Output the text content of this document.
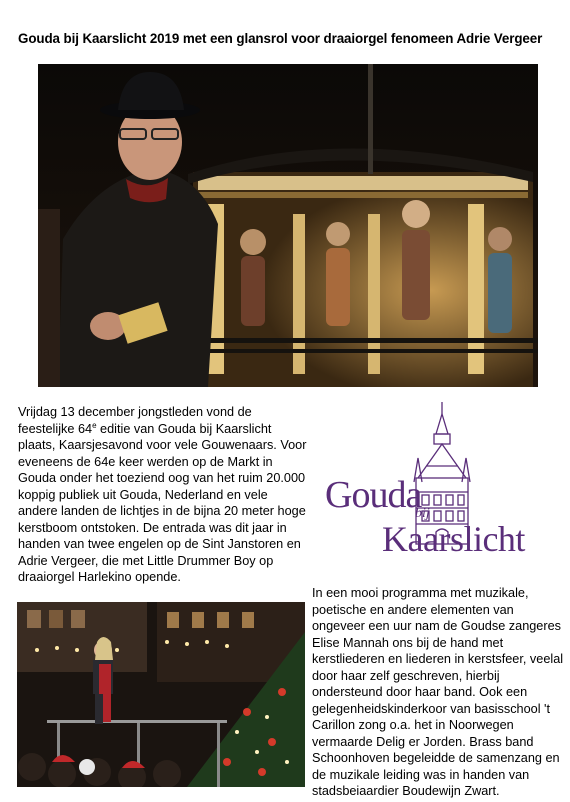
Gouda bij Kaarslicht 2019 met een glansrol voor draaiorgel fenomeen Adrie Vergeer
Vrijdag 13 december jongstleden vond de feestelijke 64e editie van Gouda bij Kaarslicht plaats, Kaarsjesavond voor vele Gouwenaars. Voor eveneens de 64e keer werden op de Markt in Gouda onder het toeziend oog van het ruim 20.000 koppig publiek uit Gouda, Nederland en vele andere landen de lichtjes in de bijna 20 meter hoge kerstboom ontstoken. De entrada was dit jaar in handen van twee engelen op de Sint Janstoren en Adrie Vergeer, die met Little Drummer Boy op draaiorgel Harlekino opende.
Gouda
bij
Kaarslicht
In een mooi programma met muzikale, poetische en andere elementen van ongeveer een uur nam de Goudse zangeres Elise Mannah ons bij de hand met kerstliederen en liederen in kerstsfeer, veelal door haar zelf geschreven, hierbij ondersteund door haar band. Ook een gelegenheidskinderkoor van basisschool 't Carillon zong o.a. het in Noorwegen vermaarde Delig er Jorden. Brass band Schoonhoven begeleidde de samenzang en de muzikale leiding was in handen van stadsbeiaardier Boudewijn Zwart.
